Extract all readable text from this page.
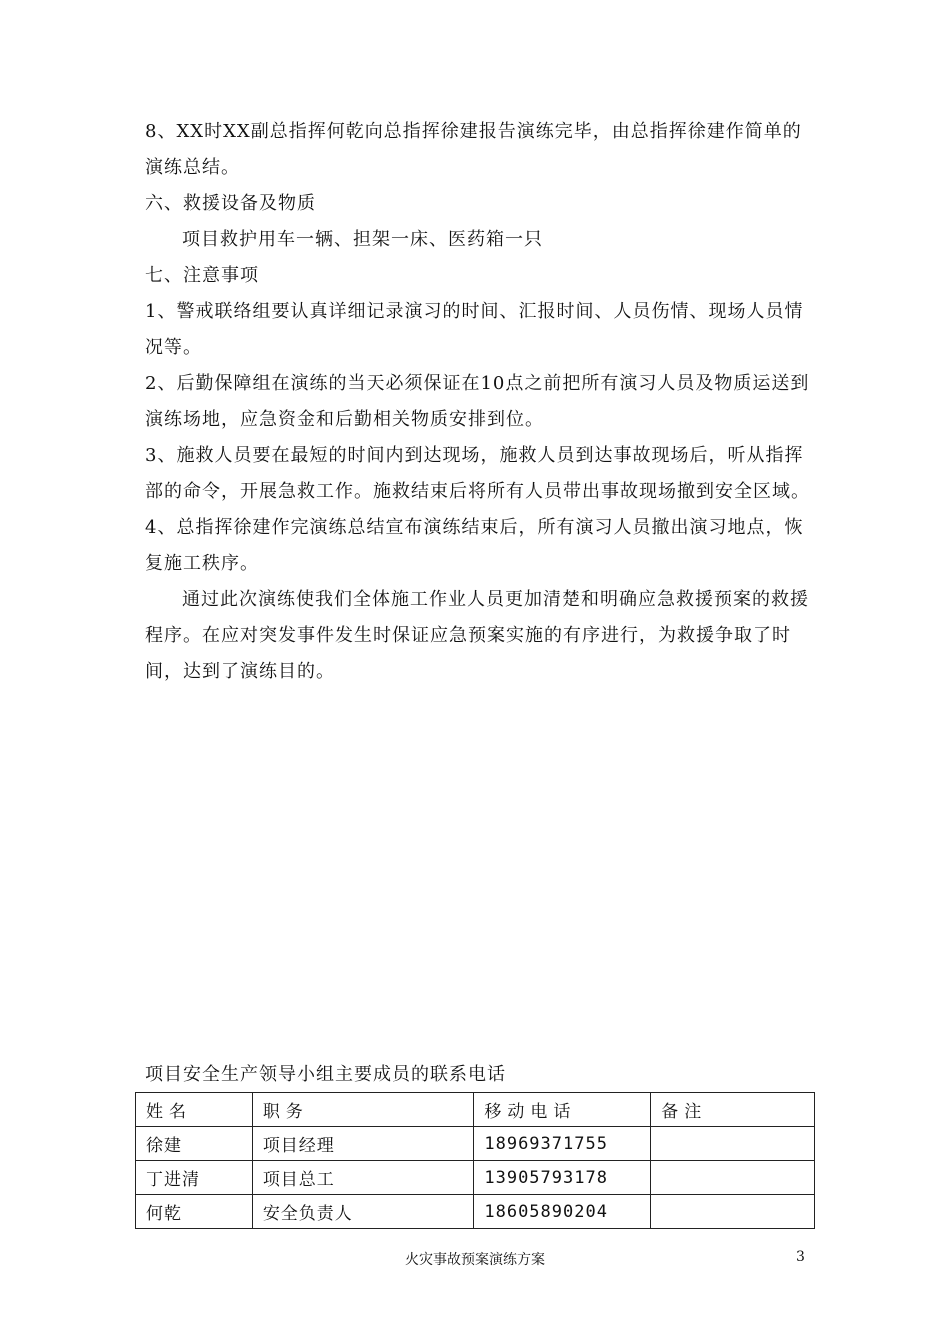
8、XX时XX副总指挥何乾向总指挥徐建报告演练完毕，由总指挥徐建作简单的演练总结。

六、救援设备及物质

项目救护用车一辆、担架一床、医药箱一只

七、注意事项

1、警戒联络组要认真详细记录演习的时间、汇报时间、人员伤情、现场人员情况等。

2、后勤保障组在演练的当天必须保证在10点之前把所有演习人员及物质运送到演练场地，应急资金和后勤相关物质安排到位。

3、施救人员要在最短的时间内到达现场，施救人员到达事故现场后，听从指挥部的命令，开展急救工作。施救结束后将所有人员带出事故现场撤到安全区域。

4、总指挥徐建作完演练总结宣布演练结束后，所有演习人员撤出演习地点，恢复施工秩序。

通过此次演练使我们全体施工作业人员更加清楚和明确应急救援预案的救援程序。在应对突发事件发生时保证应急预案实施的有序进行，为救援争取了时间，达到了演练目的。

项目安全生产领导小组主要成员的联系电话
姓名	职务	移动电话	备注
徐建	项目经理	18969371755	
丁进清	项目总工	13905793178	
何乾	安全负责人	18605890204	
火灾事故预案演练方案	3
